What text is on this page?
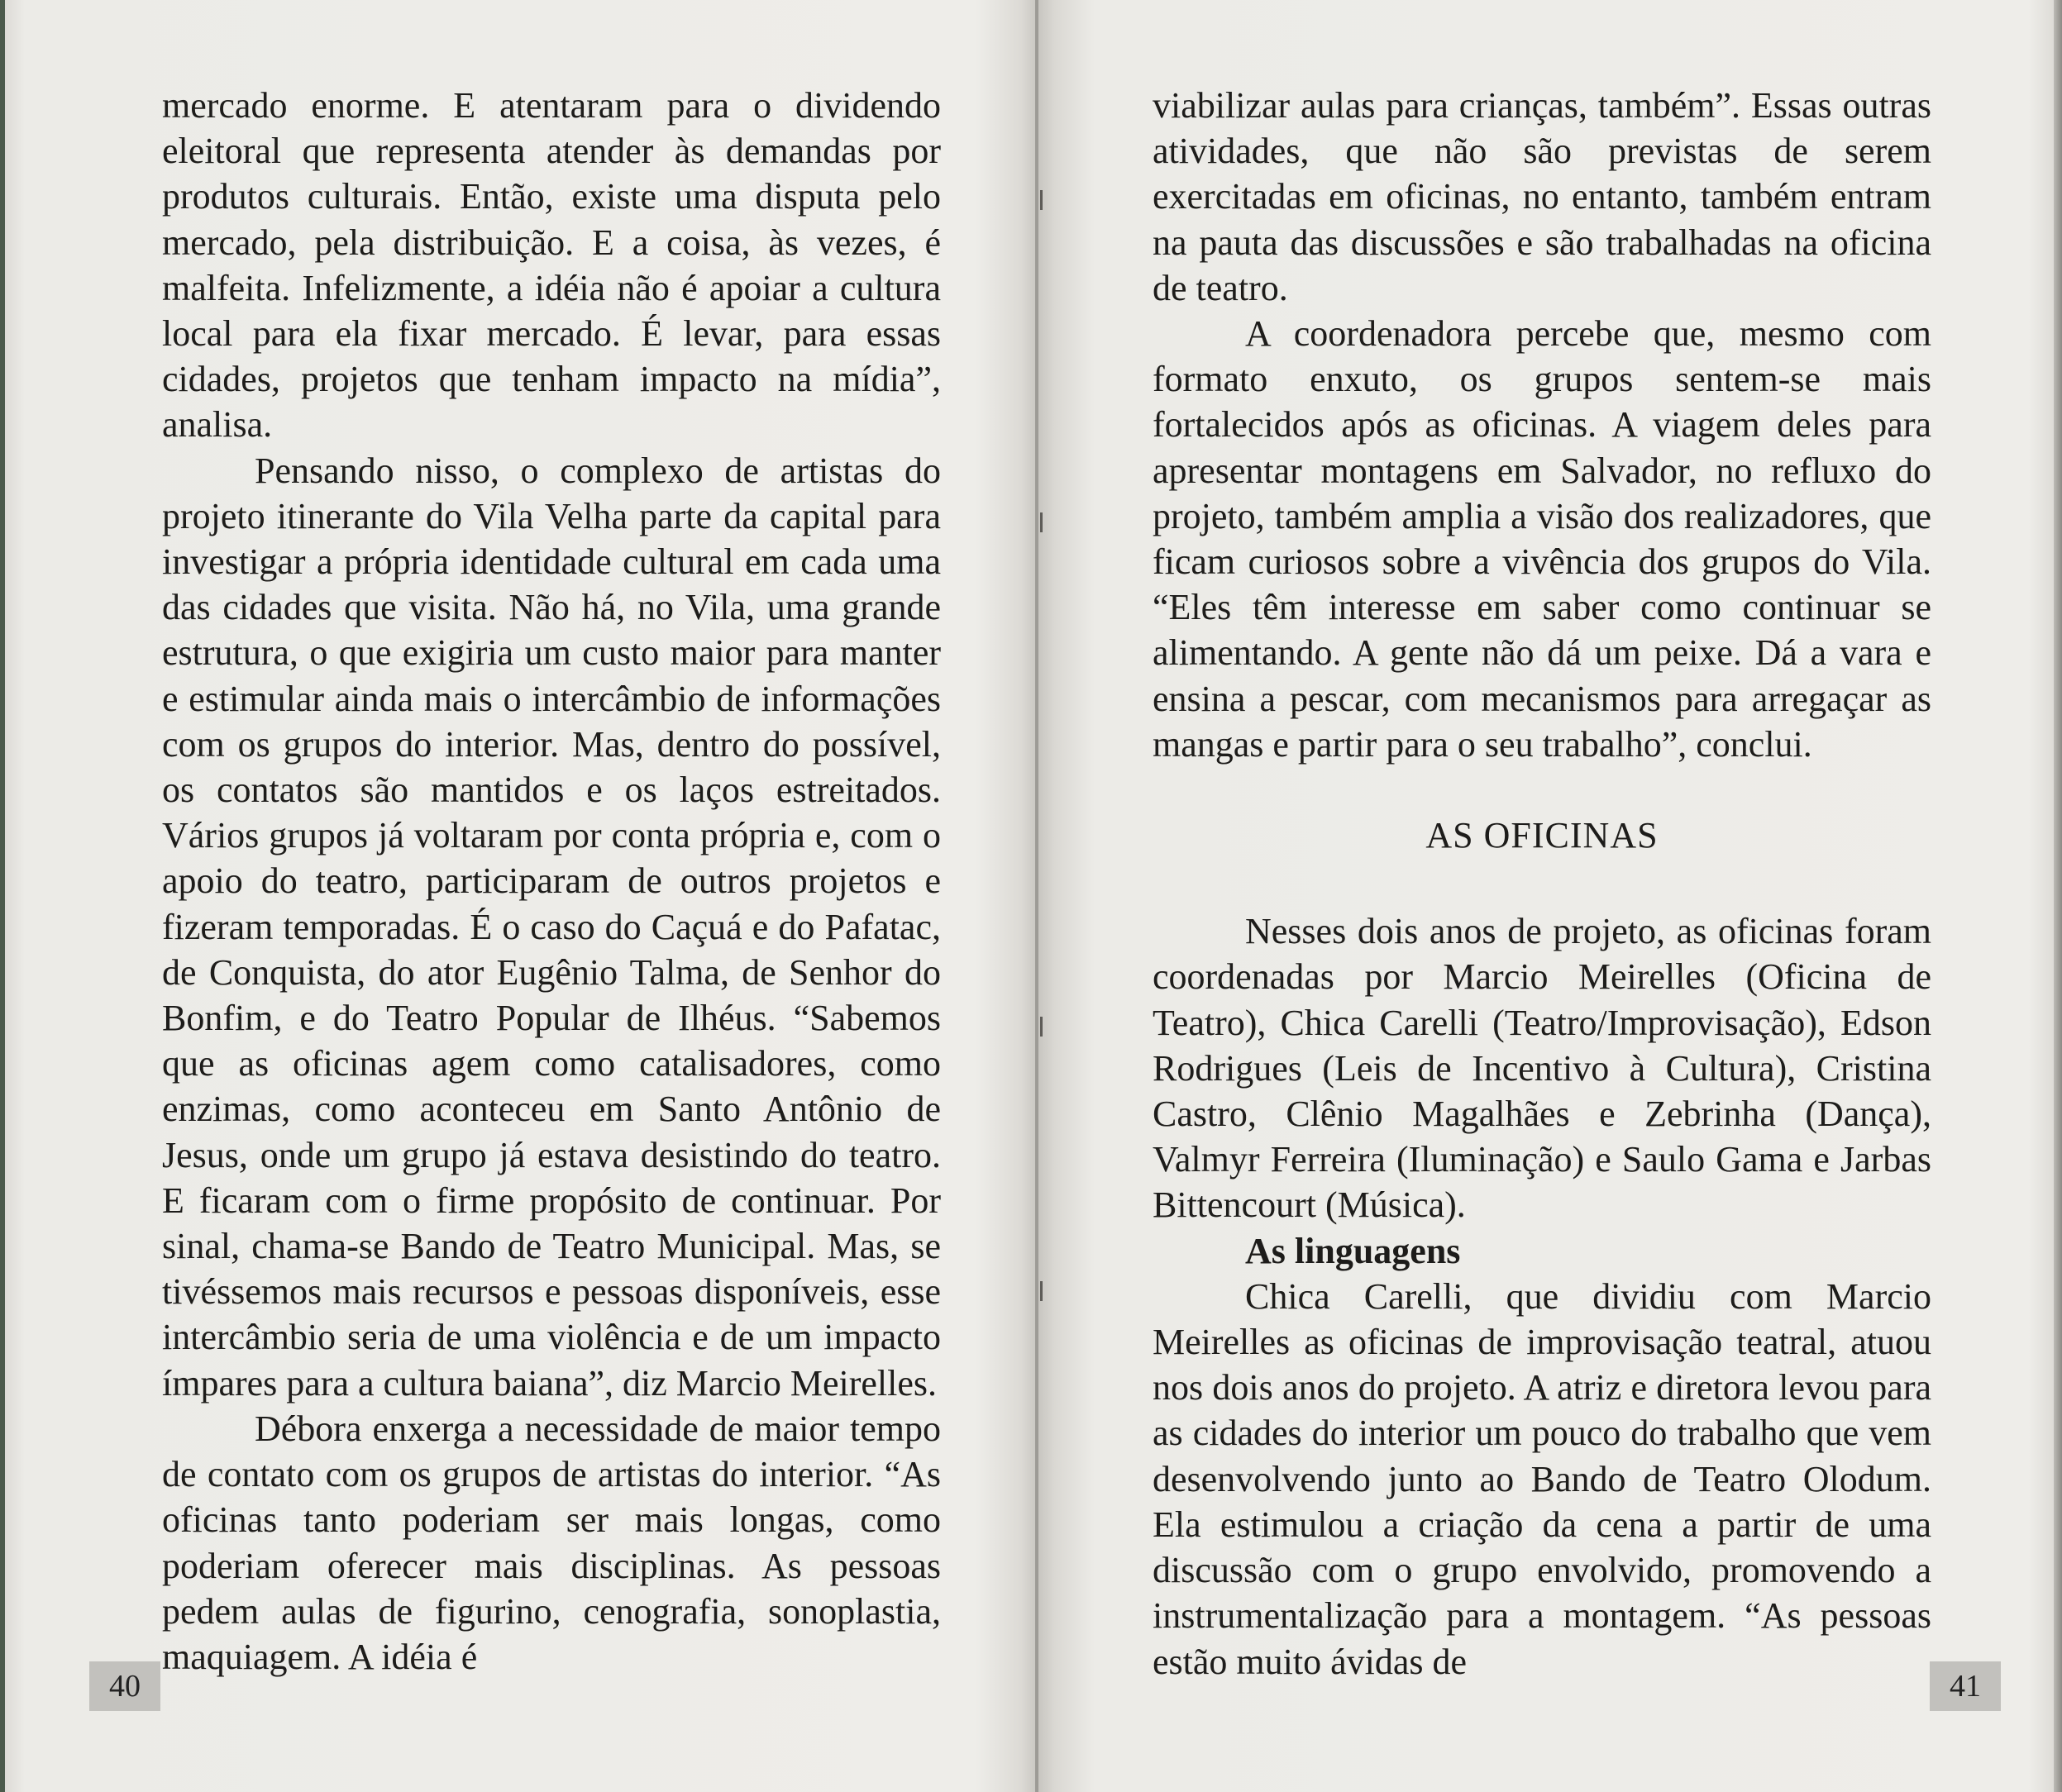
mercado enorme. E atentaram para o dividendo eleitoral que representa atender às demandas por produtos culturais. Então, existe uma disputa pelo mercado, pela distribuição. E a coisa, às vezes, é malfeita. Infelizmente, a idéia não é apoiar a cultura local para ela fixar mercado. É levar, para essas cidades, projetos que tenham impacto na mídia”, analisa.

Pensando nisso, o complexo de artistas do projeto itinerante do Vila Velha parte da capital para investigar a própria identidade cultural em cada uma das cidades que visita. Não há, no Vila, uma grande estrutura, o que exigiria um custo maior para manter e estimular ainda mais o intercâmbio de informações com os grupos do interior. Mas, dentro do possível, os contatos são mantidos e os laços estreitados. Vários grupos já voltaram por conta própria e, com o apoio do teatro, participaram de outros projetos e fizeram temporadas. É o caso do Caçuá e do Pafatac, de Conquista, do ator Eugênio Talma, de Senhor do Bonfim, e do Teatro Popular de Ilhéus. “Sabemos que as oficinas agem como catalisadores, como enzimas, como aconteceu em Santo Antônio de Jesus, onde um grupo já estava desistindo do teatro. E ficaram com o firme propósito de continuar. Por sinal, chama-se Bando de Teatro Municipal. Mas, se tivéssemos mais recursos e pessoas disponíveis, esse intercâmbio seria de uma violência e de um impacto ímpares para a cultura baiana”, diz Marcio Meirelles.

Débora enxerga a necessidade de maior tempo de contato com os grupos de artistas do interior. “As oficinas tanto poderiam ser mais longas, como poderiam oferecer mais disciplinas. As pessoas pedem aulas de figurino, cenografia, sonoplastia, maquiagem. A idéia é

40

viabilizar aulas para crianças, também”. Essas outras atividades, que não são previstas de serem exercitadas em oficinas, no entanto, também entram na pauta das discussões e são trabalhadas na oficina de teatro.

A coordenadora percebe que, mesmo com formato enxuto, os grupos sentem-se mais fortalecidos após as oficinas. A viagem deles para apresentar montagens em Salvador, no refluxo do projeto, também amplia a visão dos realizadores, que ficam curiosos sobre a vivência dos grupos do Vila. “Eles têm interesse em saber como continuar se alimentando. A gente não dá um peixe. Dá a vara e ensina a pescar, com mecanismos para arregaçar as mangas e partir para o seu trabalho”, conclui.

AS OFICINAS

Nesses dois anos de projeto, as oficinas foram coordenadas por Marcio Meirelles (Oficina de Teatro), Chica Carelli (Teatro/Improvisação), Edson Rodrigues (Leis de Incentivo à Cultura), Cristina Castro, Clênio Magalhães e Zebrinha (Dança), Valmyr Ferreira (Iluminação) e Saulo Gama e Jarbas Bittencourt (Música).

As linguagens

Chica Carelli, que dividiu com Marcio Meirelles as oficinas de improvisação teatral, atuou nos dois anos do projeto. A atriz e diretora levou para as cidades do interior um pouco do trabalho que vem desenvolvendo junto ao Bando de Teatro Olodum. Ela estimulou a criação da cena a partir de uma discussão com o grupo envolvido, promovendo a instrumentalização para a montagem. “As pessoas estão muito ávidas de

41
